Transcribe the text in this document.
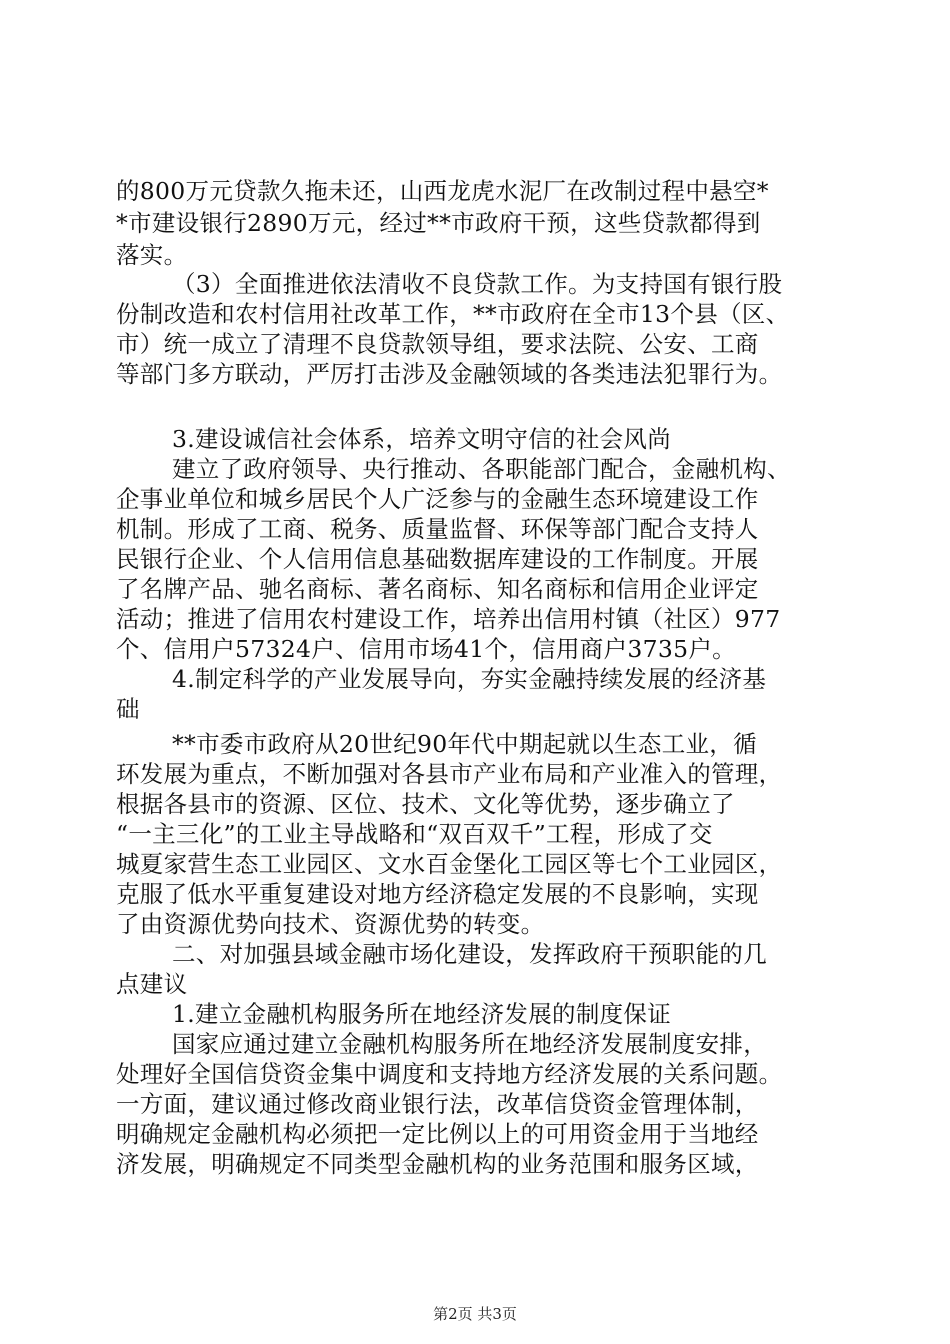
的800万元贷款久拖未还，山西龙虎水泥厂在改制过程中悬空*
*市建设银行2890万元，经过**市政府干预，这些贷款都得到
落实。
（3）全面推进依法清收不良贷款工作。为支持国有银行股
份制改造和农村信用社改革工作，**市政府在全市13个县（区、
市）统一成立了清理不良贷款领导组，要求法院、公安、工商
等部门多方联动，严厉打击涉及金融领域的各类违法犯罪行为。
3.建设诚信社会体系，培养文明守信的社会风尚
建立了政府领导、央行推动、各职能部门配合，金融机构、
企事业单位和城乡居民个人广泛参与的金融生态环境建设工作
机制。形成了工商、税务、质量监督、环保等部门配合支持人
民银行企业、个人信用信息基础数据库建设的工作制度。开展
了名牌产品、驰名商标、著名商标、知名商标和信用企业评定
活动；推进了信用农村建设工作，培养出信用村镇（社区）977
个、信用户57324户、信用市场41个，信用商户3735户。
4.制定科学的产业发展导向，夯实金融持续发展的经济基
础
**市委市政府从20世纪90年代中期起就以生态工业，循
环发展为重点，不断加强对各县市产业布局和产业准入的管理，
根据各县市的资源、区位、技术、文化等优势，逐步确立了
“一主三化”的工业主导战略和“双百双千”工程，形成了交
城夏家营生态工业园区、文水百金堡化工园区等七个工业园区，
克服了低水平重复建设对地方经济稳定发展的不良影响，实现
了由资源优势向技术、资源优势的转变。
二、对加强县域金融市场化建设，发挥政府干预职能的几
点建议
1.建立金融机构服务所在地经济发展的制度保证
国家应通过建立金融机构服务所在地经济发展制度安排，
处理好全国信贷资金集中调度和支持地方经济发展的关系问题。
一方面，建议通过修改商业银行法，改革信贷资金管理体制，
明确规定金融机构必须把一定比例以上的可用资金用于当地经
济发展，明确规定不同类型金融机构的业务范围和服务区域，
第2页 共3页
